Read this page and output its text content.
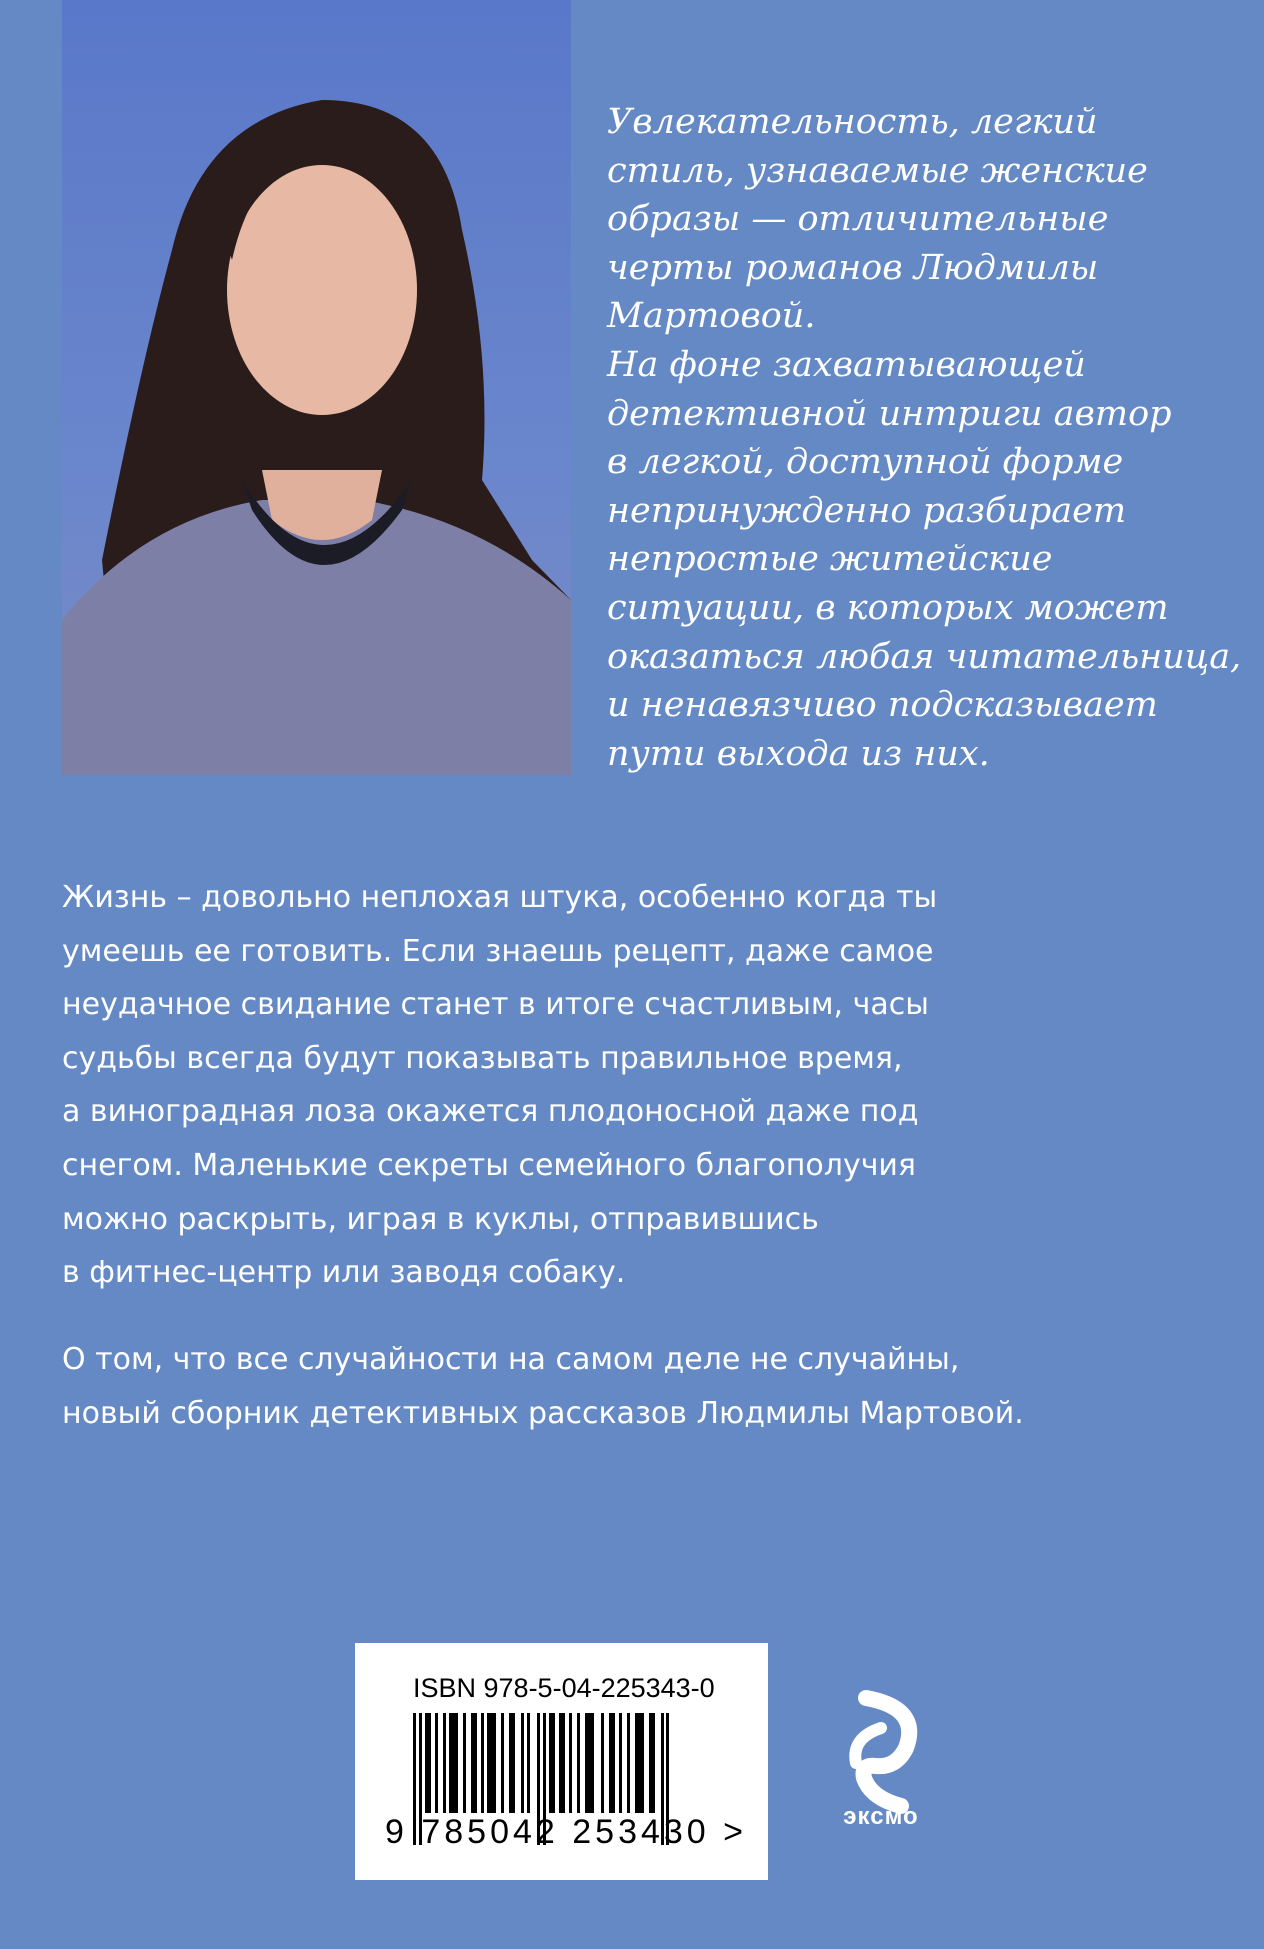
Увлекательность, легкий
стиль, узнаваемые женские
образы — отличительные
черты романов Людмилы
Мартовой.
На фоне захватывающей
детективной интриги автор
в легкой, доступной форме
непринужденно разбирает
непростые житейские
ситуации, в которых может
оказаться любая читательница,
и ненавязчиво подсказывает
пути выхода из них.
Жизнь – довольно неплохая штука, особенно когда ты
умеешь ее готовить. Если знаешь рецепт, даже самое
неудачное свидание станет в итоге счастливым, часы
судьбы всегда будут показывать правильное время,
а виноградная лоза окажется плодоносной даже под
снегом. Маленькие секреты семейного благополучия
можно раскрыть, играя в куклы, отправившись
в фитнес-центр или заводя собаку.
О том, что все случайности на самом деле не случайны,
новый сборник детективных рассказов Людмилы Мартовой.
ISBN 978-5-04-225343-0
9 785042 253430 >	эксмо
